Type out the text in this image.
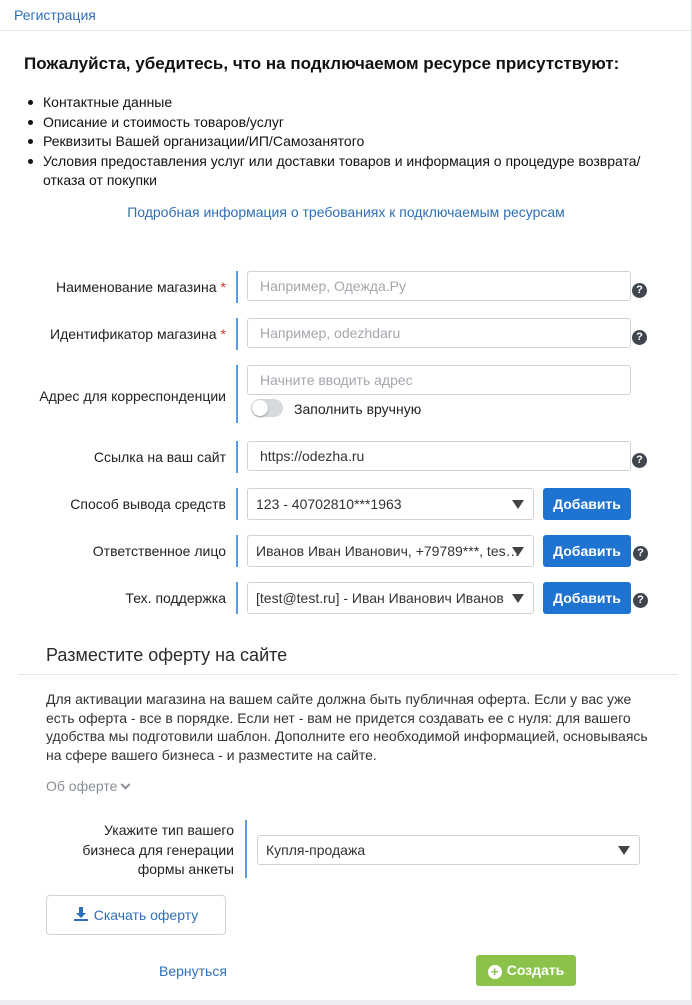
Регистрация
Пожалуйста, убедитесь, что на подключаемом ресурсе присутствуют:
Контактные данные
Описание и стоимость товаров/услуг
Реквизиты Вашей организации/ИП/Самозанятого
Условия предоставления услуг или доставки товаров и информация о процедуре возврата/ отказа от покупки
Подробная информация о требованиях к подключаемым ресурсам
Наименование магазина *
Например, Одежда.Ру	?
Идентификатор магазина *
Например, odezhdaru	?
Адрес для корреспонденции
Начните вводить адрес
Заполнить вручную
Ссылка на ваш сайт
https://odezha.ru	?
Способ вывода средств	123 - 40702810***1963	Добавить
Ответственное лицо	Иванов Иван Иванович, +79789***, tes…	Добавить	?
Тех. поддержка	[test@test.ru] - Иван Иванович Иванов	Добавить	?
Разместите оферту на сайте
Для активации магазина на вашем сайте должна быть публичная оферта. Если у вас уже есть оферта - все в порядке. Если нет - вам не придется создавать ее с нуля: для вашего удобства мы подготовили шаблон. Дополните его необходимой информацией, основываясь на сфере вашего бизнеса - и разместите на сайте.
Об оферте
Укажите тип вашего бизнеса для генерации формы анкеты
Купля-продажа
Скачать оферту
Вернуться	+ Создать
